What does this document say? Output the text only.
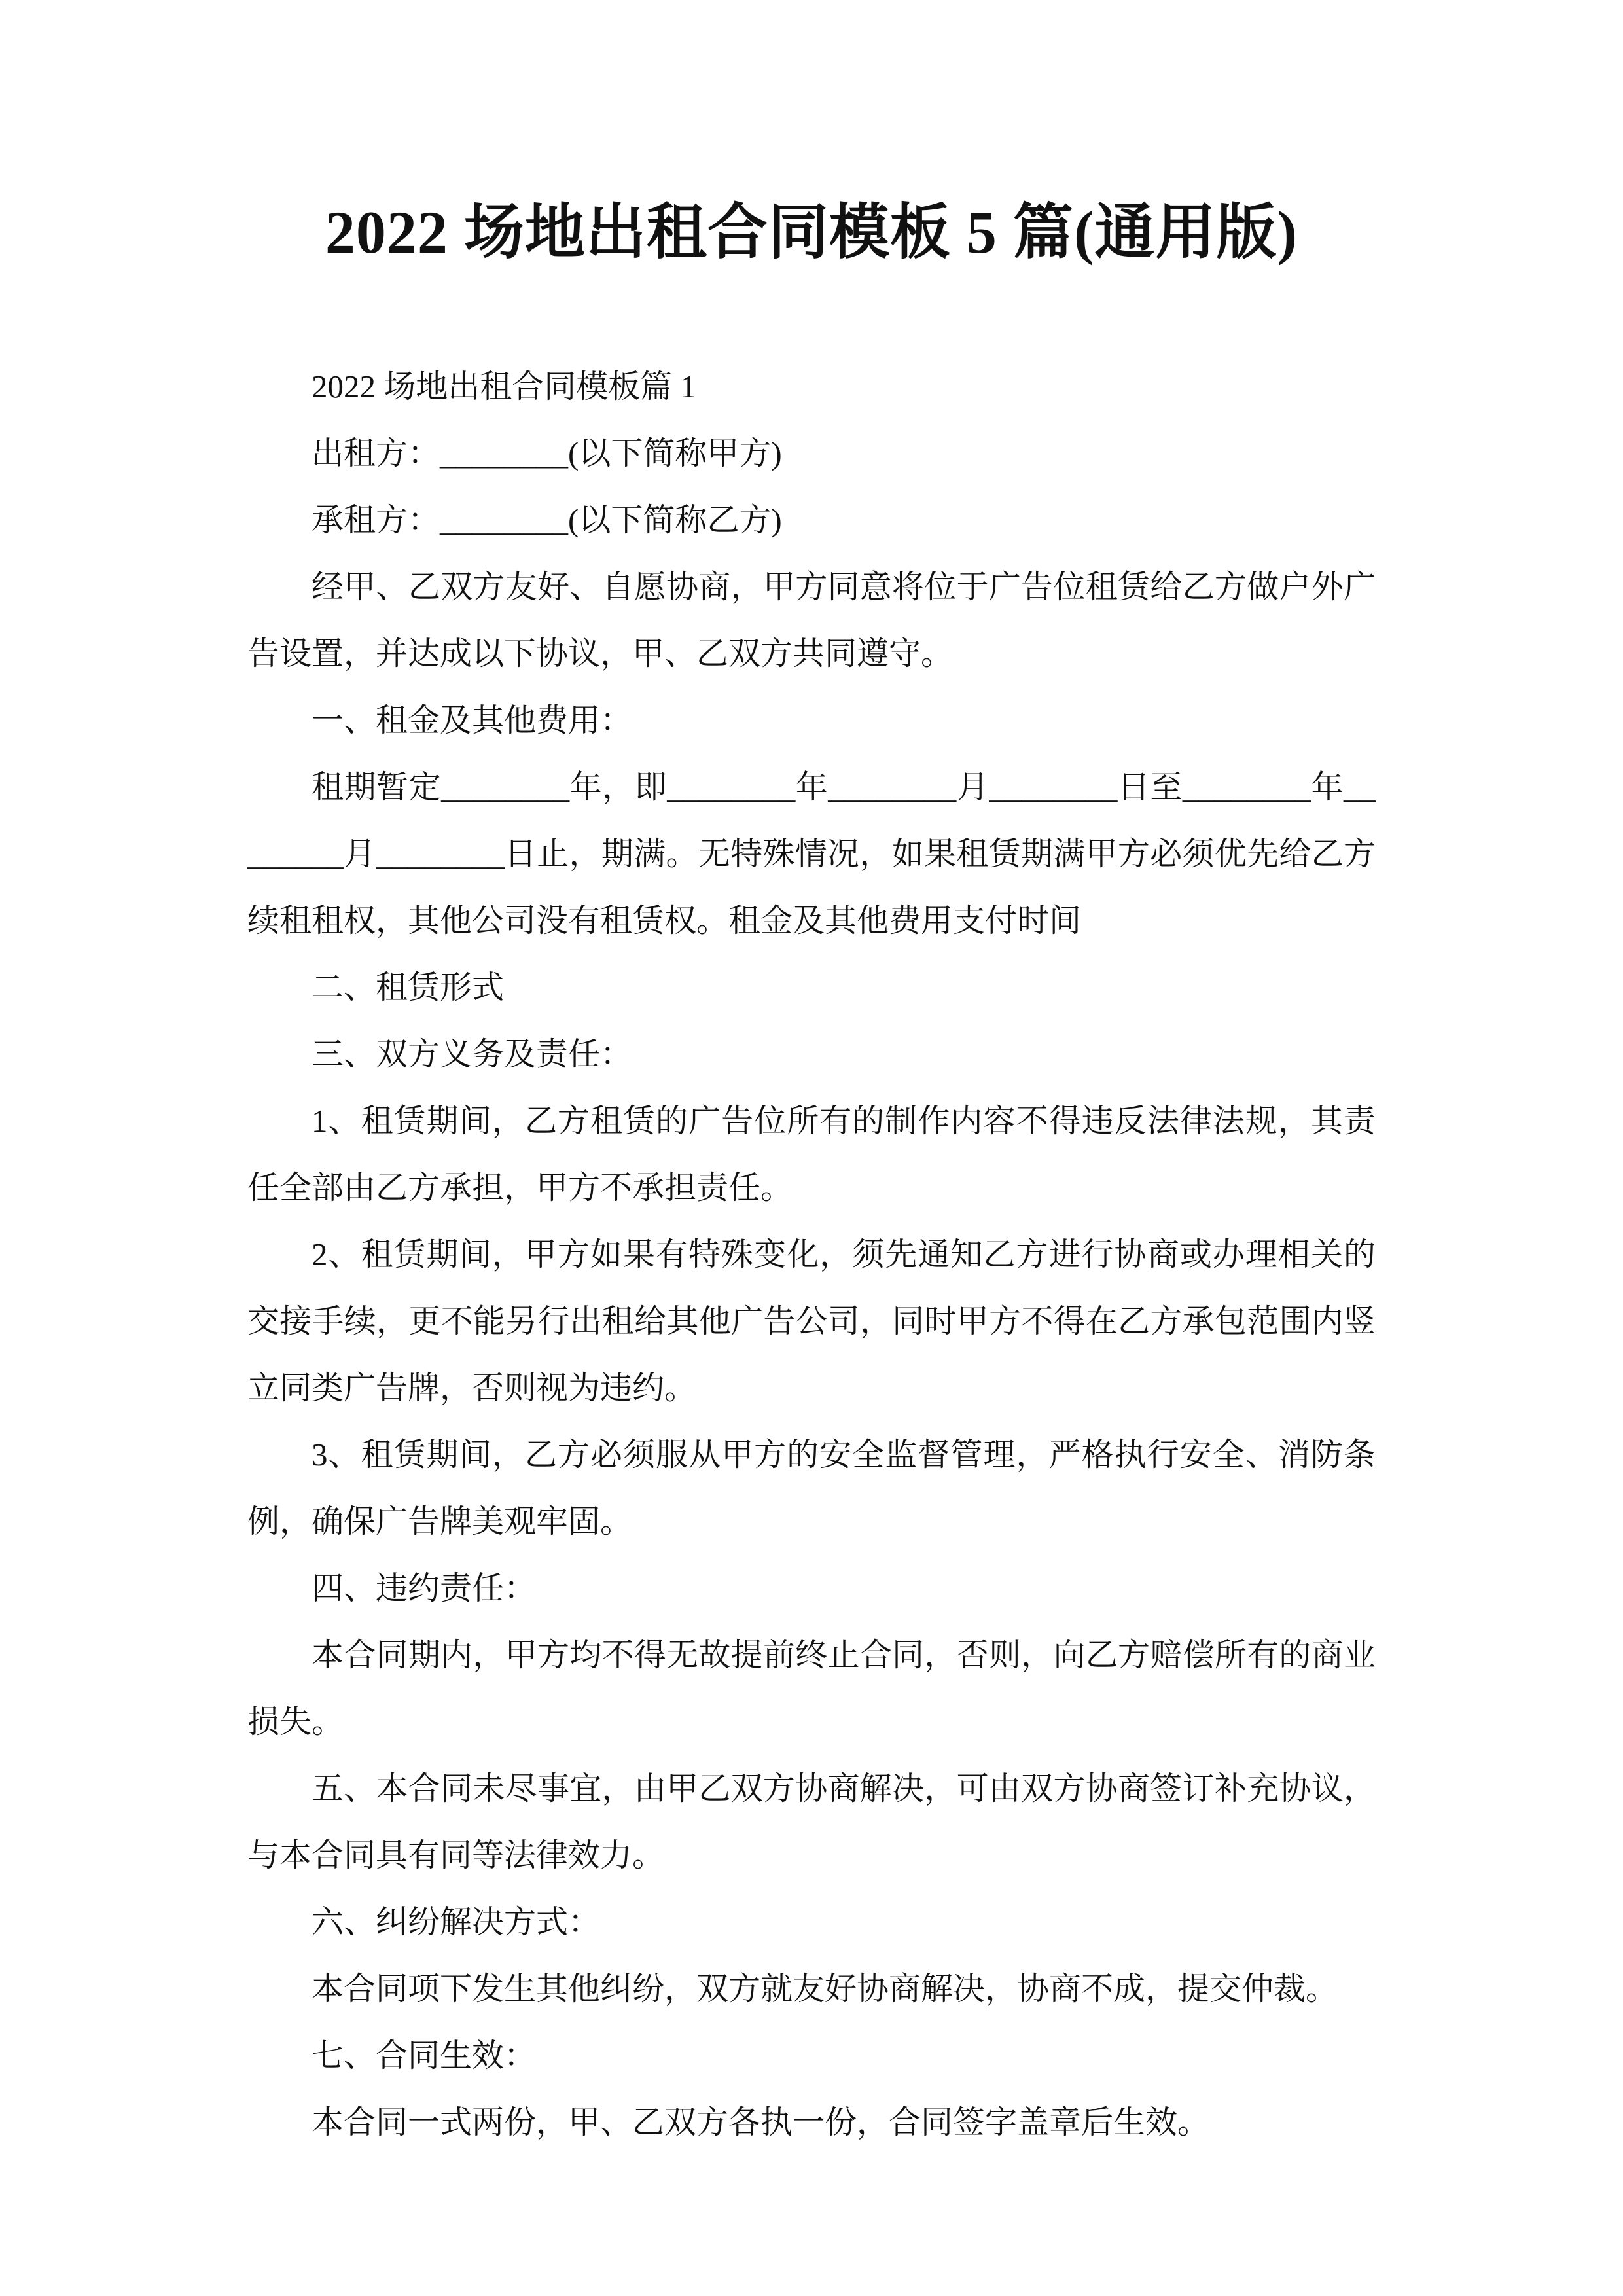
2022 场地出租合同模板 5 篇(通用版)

2022 场地出租合同模板篇 1

出租方：________(以下简称甲方)

承租方：________(以下简称乙方)

经甲、乙双方友好、自愿协商，甲方同意将位于广告位租赁给乙方做户外广告设置，并达成以下协议，甲、乙双方共同遵守。

一、租金及其他费用：

租期暂定________年，即________年________月________日至________年________月________日止，期满。无特殊情况，如果租赁期满甲方必须优先给乙方续租租权，其他公司没有租赁权。租金及其他费用支付时间

二、租赁形式

三、双方义务及责任：

1、租赁期间，乙方租赁的广告位所有的制作内容不得违反法律法规，其责任全部由乙方承担，甲方不承担责任。

2、租赁期间，甲方如果有特殊变化，须先通知乙方进行协商或办理相关的交接手续，更不能另行出租给其他广告公司，同时甲方不得在乙方承包范围内竖立同类广告牌，否则视为违约。

3、租赁期间，乙方必须服从甲方的安全监督管理，严格执行安全、消防条例，确保广告牌美观牢固。

四、违约责任：

本合同期内，甲方均不得无故提前终止合同，否则，向乙方赔偿所有的商业损失。

五、本合同未尽事宜，由甲乙双方协商解决，可由双方协商签订补充协议，与本合同具有同等法律效力。

六、纠纷解决方式：

本合同项下发生其他纠纷，双方就友好协商解决，协商不成，提交仲裁。

七、合同生效：

本合同一式两份，甲、乙双方各执一份，合同签字盖章后生效。
